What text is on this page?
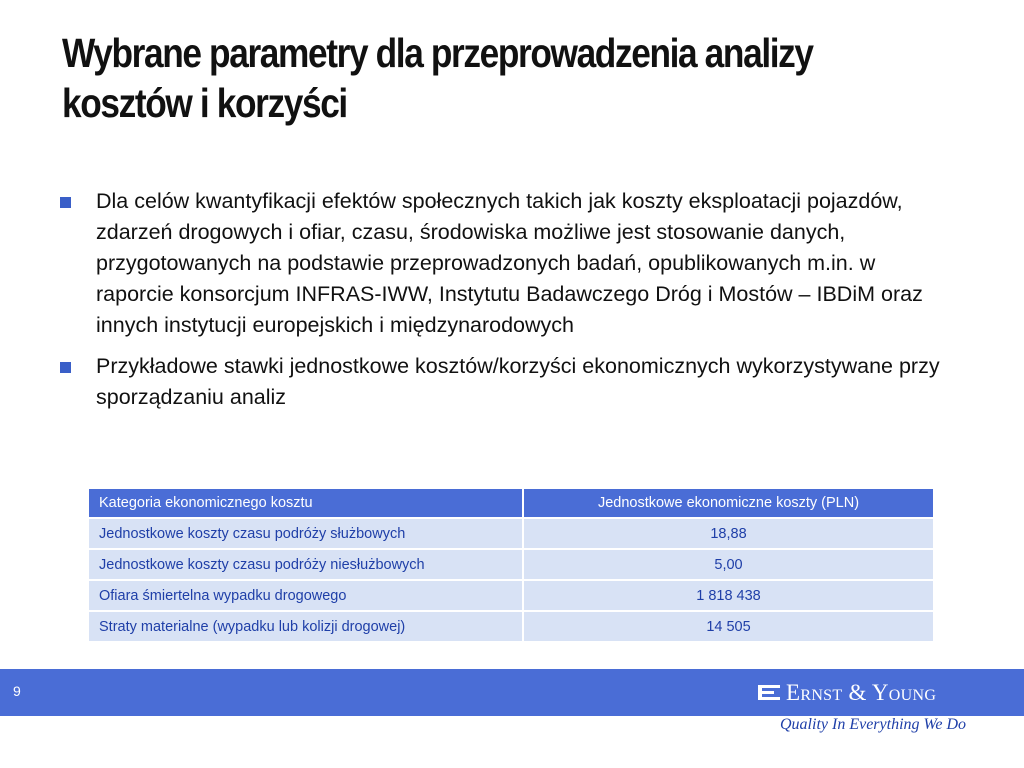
Wybrane parametry dla przeprowadzenia analizy kosztów i korzyści
Dla celów kwantyfikacji efektów społecznych takich jak koszty eksploatacji pojazdów, zdarzeń drogowych i ofiar, czasu, środowiska możliwe jest stosowanie danych, przygotowanych na podstawie przeprowadzonych badań, opublikowanych m.in. w raporcie konsorcjum INFRAS-IWW, Instytutu Badawczego Dróg i Mostów – IBDiM oraz innych instytucji europejskich i międzynarodowych
Przykładowe stawki jednostkowe kosztów/korzyści ekonomicznych wykorzystywane przy sporządzaniu analiz
Kategoria ekonomicznego kosztu	Jednostkowe ekonomiczne koszty (PLN)
Jednostkowe koszty czasu podróży służbowych	18,88
Jednostkowe koszty czasu podróży niesłużbowych	5,00
Ofiara śmiertelna wypadku drogowego	1 818 438
Straty materialne (wypadku lub kolizji drogowej)	14 505
9	Ernst & Young
Quality In Everything We Do
